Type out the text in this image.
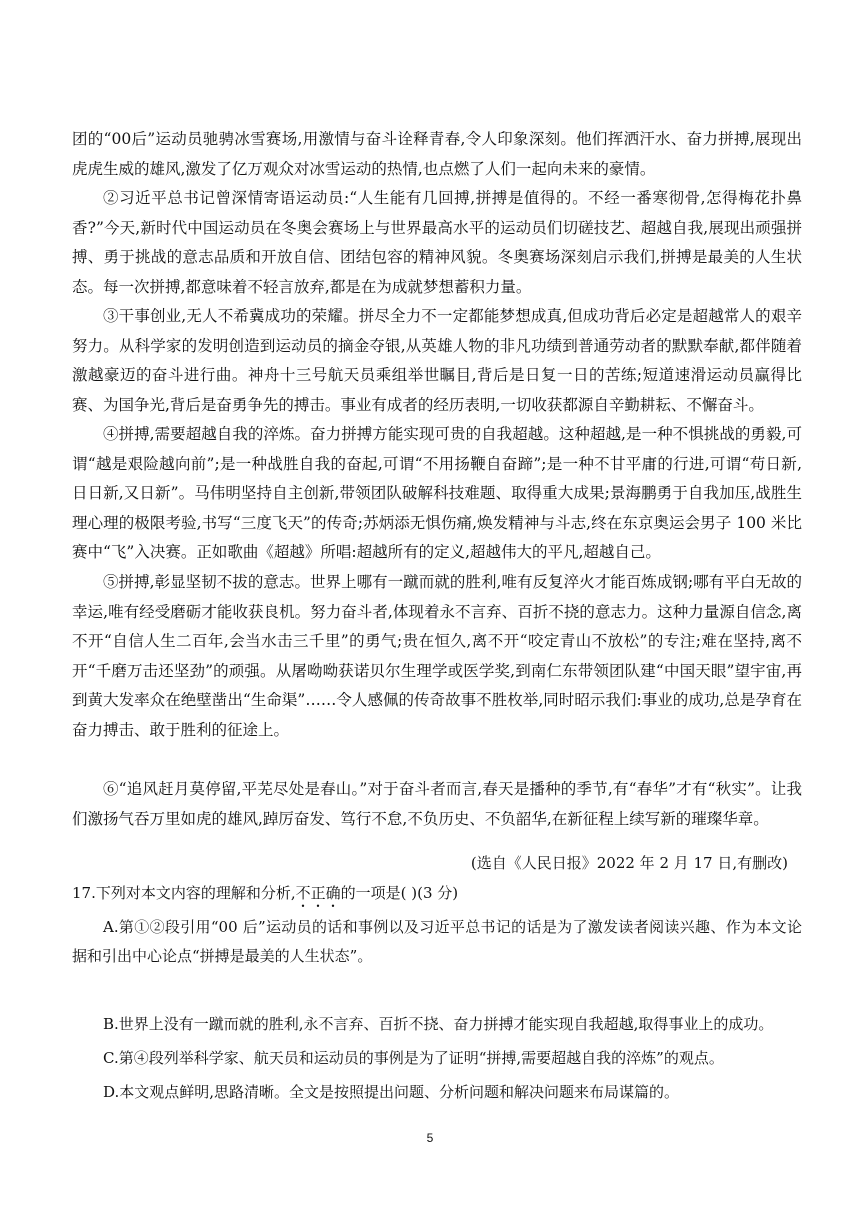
团的“00后”运动员驰骋冰雪赛场,用激情与奋斗诠释青春,令人印象深刻。他们挥洒汗水、奋力拼搏,展现出虎虎生威的雄风,激发了亿万观众对冰雪运动的热情,也点燃了人们一起向未来的豪情。

②习近平总书记曾深情寄语运动员:“人生能有几回搏,拼搏是值得的。不经一番寒彻骨,怎得梅花扑鼻香?”今天,新时代中国运动员在冬奥会赛场上与世界最高水平的运动员们切磋技艺、超越自我,展现出顽强拼搏、勇于挑战的意志品质和开放自信、团结包容的精神风貌。冬奥赛场深刻启示我们,拼搏是最美的人生状态。每一次拼搏,都意味着不轻言放弃,都是在为成就梦想蓄积力量。

③干事创业,无人不希冀成功的荣耀。拼尽全力不一定都能梦想成真,但成功背后必定是超越常人的艰辛努力。从科学家的发明创造到运动员的摘金夺银,从英雄人物的非凡功绩到普通劳动者的默默奉献,都伴随着激越豪迈的奋斗进行曲。神舟十三号航天员乘组举世瞩目,背后是日复一日的苦练;短道速滑运动员赢得比赛、为国争光,背后是奋勇争先的搏击。事业有成者的经历表明,一切收获都源自辛勤耕耘、不懈奋斗。

④拼搏,需要超越自我的淬炼。奋力拼搏方能实现可贵的自我超越。这种超越,是一种不惧挑战的勇毅,可谓“越是艰险越向前”;是一种战胜自我的奋起,可谓“不用扬鞭自奋蹄”;是一种不甘平庸的行进,可谓“苟日新,日日新,又日新”。马伟明坚持自主创新,带领团队破解科技难题、取得重大成果;景海鹏勇于自我加压,战胜生理心理的极限考验,书写“三度飞天”的传奇;苏炳添无惧伤痛,焕发精神与斗志,终在东京奥运会男子 100 米比赛中“飞”入决赛。正如歌曲《超越》所唱:超越所有的定义,超越伟大的平凡,超越自己。

⑤拼搏,彰显坚韧不拔的意志。世界上哪有一蹴而就的胜利,唯有反复淬火才能百炼成钢;哪有平白无故的幸运,唯有经受磨砺才能收获良机。努力奋斗者,体现着永不言弃、百折不挠的意志力。这种力量源自信念,离不开“自信人生二百年,会当水击三千里”的勇气;贵在恒久,离不开“咬定青山不放松”的专注;难在坚持,离不开“千磨万击还坚劲”的顽强。从屠呦呦获诺贝尔生理学或医学奖,到南仁东带领团队建“中国天眼”望宇宙,再到黄大发率众在绝壁凿出“生命渠”……令人感佩的传奇故事不胜枚举,同时昭示我们:事业的成功,总是孕育在奋力搏击、敢于胜利的征途上。

⑥“追风赶月莫停留,平芜尽处是春山。”对于奋斗者而言,春天是播种的季节,有“春华”才有“秋实”。让我们激扬气吞万里如虎的雄风,踔厉奋发、笃行不怠,不负历史、不负韶华,在新征程上续写新的璀璨华章。

(选自《人民日报》2022 年 2 月 17 日,有删改)

17.下列对本文内容的理解和分析,不正确的一项是( )(3 分)

A.第①②段引用“00 后”运动员的话和事例以及习近平总书记的话是为了激发读者阅读兴趣、作为本文论据和引出中心论点“拼搏是最美的人生状态”。

B.世界上没有一蹴而就的胜利,永不言弃、百折不挠、奋力拼搏才能实现自我超越,取得事业上的成功。

C.第④段列举科学家、航天员和运动员的事例是为了证明“拼搏,需要超越自我的淬炼”的观点。

D.本文观点鲜明,思路清晰。全文是按照提出问题、分析问题和解决问题来布局谋篇的。

5
